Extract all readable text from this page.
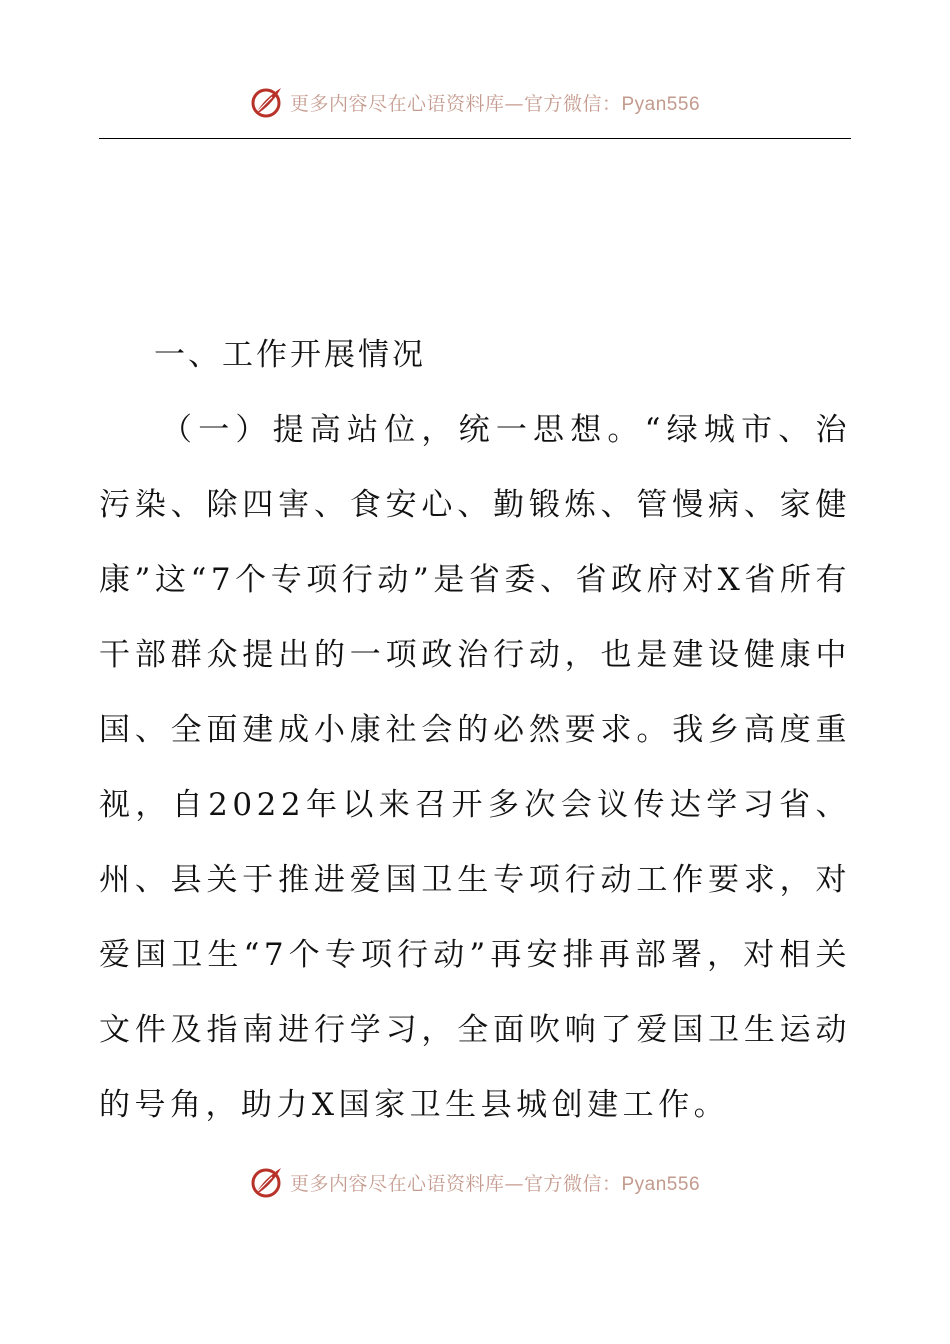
更多内容尽在心语资料库—官方微信：Pyan556

一、工作开展情况

（一）提高站位，统一思想。“绿城市、治污染、除四害、食安心、勤锻炼、管慢病、家健康”这“7个专项行动”是省委、省政府对X省所有干部群众提出的一项政治行动，也是建设健康中国、全面建成小康社会的必然要求。我乡高度重视，自2022年以来召开多次会议传达学习省、州、县关于推进爱国卫生专项行动工作要求，对爱国卫生“7个专项行动”再安排再部署，对相关文件及指南进行学习，全面吹响了爱国卫生运动的号角，助力X国家卫生县城创建工作。

更多内容尽在心语资料库—官方微信：Pyan556
